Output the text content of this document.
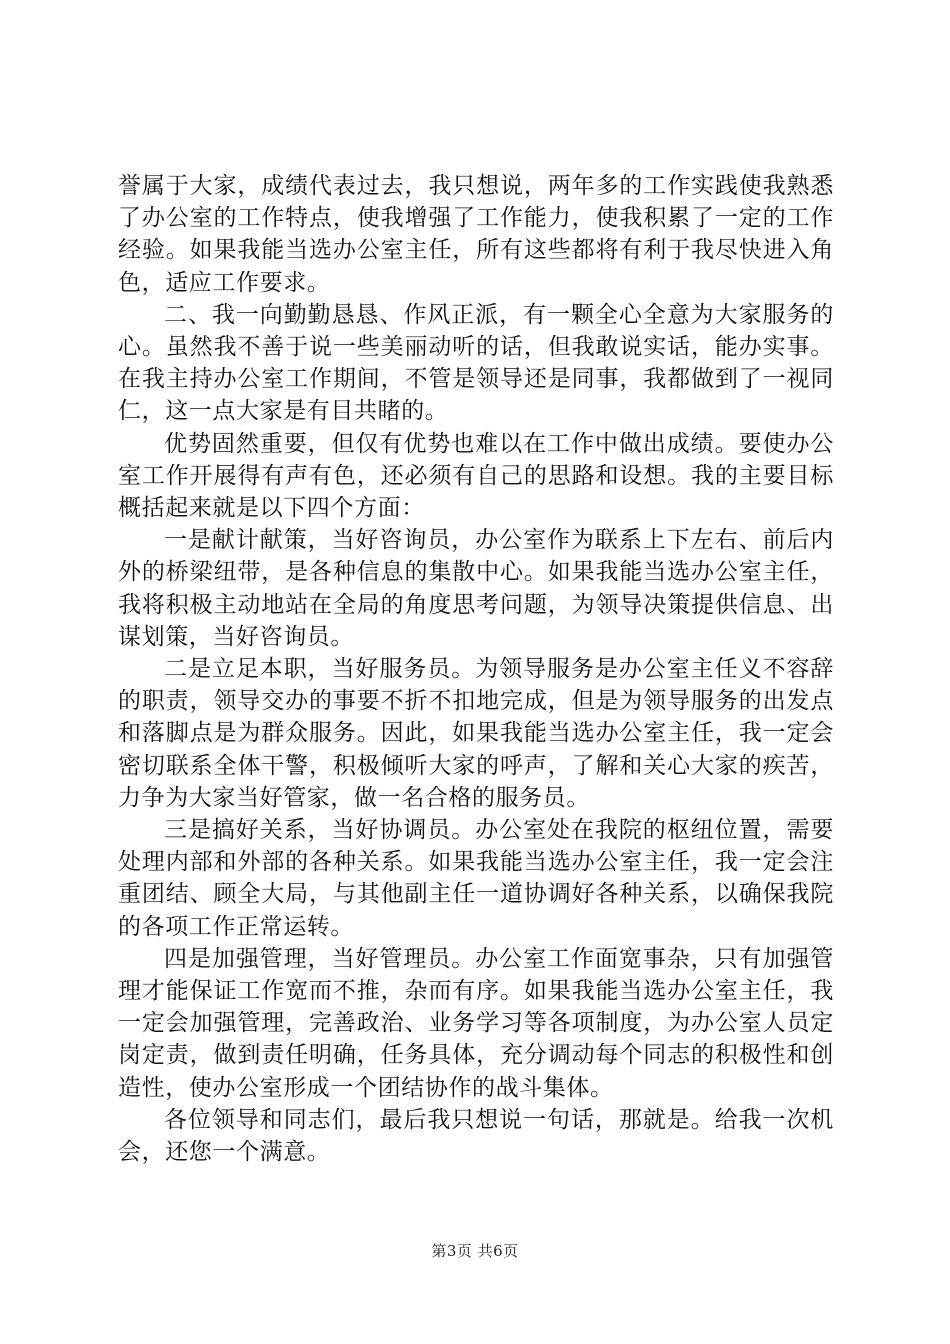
誉属于大家，成绩代表过去，我只想说，两年多的工作实践使我熟悉了办公室的工作特点，使我增强了工作能力，使我积累了一定的工作经验。如果我能当选办公室主任，所有这些都将有利于我尽快进入角色，适应工作要求。

二、我一向勤勤恳恳、作风正派，有一颗全心全意为大家服务的心。虽然我不善于说一些美丽动听的话，但我敢说实话，能办实事。在我主持办公室工作期间，不管是领导还是同事，我都做到了一视同仁，这一点大家是有目共睹的。

优势固然重要，但仅有优势也难以在工作中做出成绩。要使办公室工作开展得有声有色，还必须有自己的思路和设想。我的主要目标概括起来就是以下四个方面：

一是献计献策，当好咨询员，办公室作为联系上下左右、前后内外的桥梁纽带，是各种信息的集散中心。如果我能当选办公室主任，我将积极主动地站在全局的角度思考问题，为领导决策提供信息、出谋划策，当好咨询员。

二是立足本职，当好服务员。为领导服务是办公室主任义不容辞的职责，领导交办的事要不折不扣地完成，但是为领导服务的出发点和落脚点是为群众服务。因此，如果我能当选办公室主任，我一定会密切联系全体干警，积极倾听大家的呼声，了解和关心大家的疾苦，力争为大家当好管家，做一名合格的服务员。

三是搞好关系，当好协调员。办公室处在我院的枢纽位置，需要处理内部和外部的各种关系。如果我能当选办公室主任，我一定会注重团结、顾全大局，与其他副主任一道协调好各种关系，以确保我院的各项工作正常运转。

四是加强管理，当好管理员。办公室工作面宽事杂，只有加强管理才能保证工作宽而不推，杂而有序。如果我能当选办公室主任，我一定会加强管理，完善政治、业务学习等各项制度，为办公室人员定岗定责，做到责任明确，任务具体，充分调动每个同志的积极性和创造性，使办公室形成一个团结协作的战斗集体。

各位领导和同志们，最后我只想说一句话，那就是。给我一次机会，还您一个满意。

第3页 共6页
